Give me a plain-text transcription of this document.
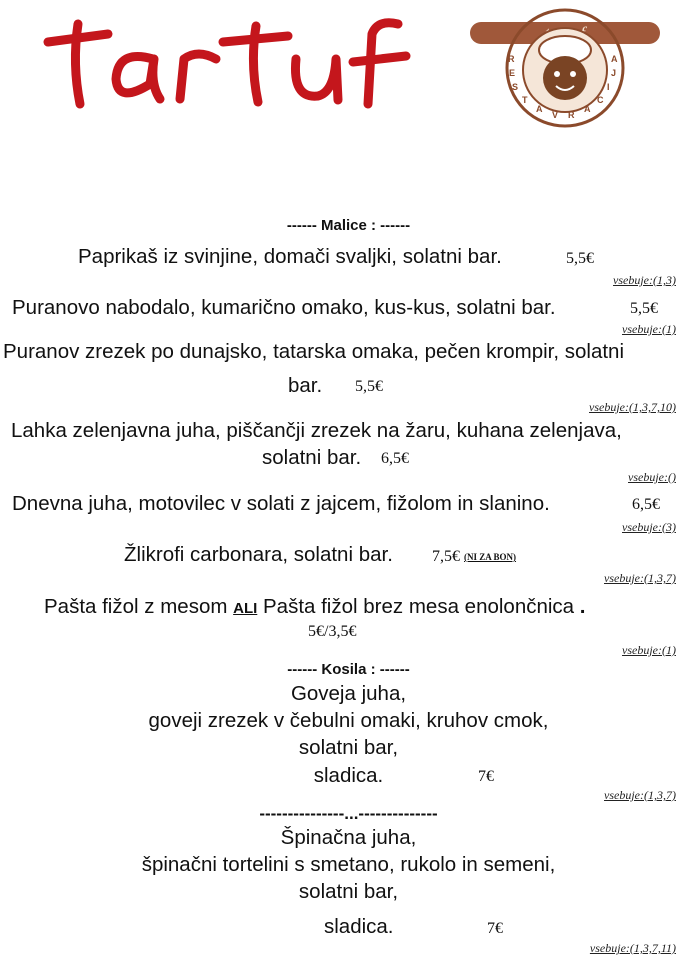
R
E
S
T
A
V R
A
C
I
J
A
------ Malice : ------
Paprikaš iz svinjine, domači svaljki, solatni bar.	5,5€
vsebuje:(1,3)
Puranovo nabodalo, kumarično omako, kus-kus, solatni bar.	5,5€
vsebuje:(1)
Puranov zrezek po dunajsko, tatarska omaka, pečen krompir, solatni
bar. 5,5€
vsebuje:(1,3,7,10)
Lahka zelenjavna juha, piščančji zrezek na žaru, kuhana zelenjava,
solatni bar. 6,5€
vsebuje:()
Dnevna juha, motovilec v solati z jajcem, fižolom in slanino.	6,5€
vsebuje:(3)
Žlikrofi carbonara, solatni bar. 7,5€ (NI ZA BON)
vsebuje:(1,3,7)
Pašta fižol z mesom ALI Pašta fižol brez mesa enolončnica .
5€/3,5€
vsebuje:(1)
------ Kosila : ------
Goveja juha,
goveji zrezek v čebulni omaki, kruhov cmok,
solatni bar,
sladica.	7€
vsebuje:(1,3,7)
---------------...--------------
Špinačna juha,
špinačni tortelini s smetano, rukolo in semeni,
solatni bar,
sladica.	7€
vsebuje:(1,3,7,11)
